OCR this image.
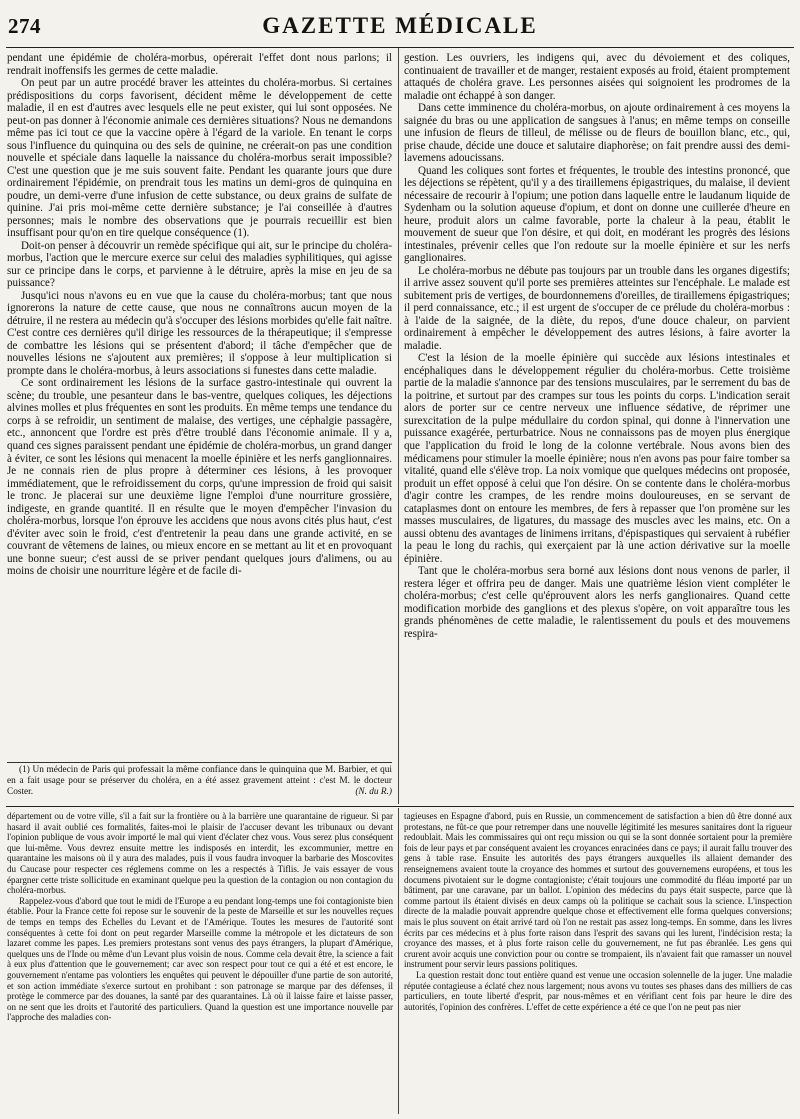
274	GAZETTE MÉDICALE

pendant une épidémie de choléra-morbus, opérerait l'effet dont nous parlons; il rendrait inoffensifs les germes de cette maladie.

On peut par un autre procédé braver les atteintes du choléra-morbus. Si certaines prédispositions du corps favorisent, décident même le développement de cette maladie, il en est d'autres avec lesquels elle ne peut exister, qui lui sont opposées. Ne peut-on pas donner à l'économie animale ces dernières situations? Nous ne demandons même pas ici tout ce que la vaccine opère à l'égard de la variole. En tenant le corps sous l'influence du quinquina ou des sels de quinine, ne créerait-on pas une condition nouvelle et spéciale dans laquelle la naissance du choléra-morbus serait impossible? C'est une question que je me suis souvent faite. Pendant les quarante jours que dure ordinairement l'épidémie, on prendrait tous les matins un demi-gros de quinquina en poudre, un demi-verre d'une infusion de cette substance, ou deux grains de sulfate de quinine. J'ai pris moi-même cette dernière substance; je l'ai conseillée à d'autres personnes; mais le nombre des observations que je pourrais recueillir est bien insuffisant pour qu'on en tire quelque conséquence (1).

Doit-on penser à découvrir un remède spécifique qui ait, sur le principe du choléra-morbus, l'action que le mercure exerce sur celui des maladies syphilitiques, qui agisse sur ce principe dans le corps, et parvienne à le détruire, après la mise en jeu de sa puissance?

Jusqu'ici nous n'avons eu en vue que la cause du choléra-morbus; tant que nous ignorerons la nature de cette cause, que nous ne connaîtrons aucun moyen de la détruire, il ne restera au médecin qu'à s'occuper des lésions morbides qu'elle fait naître. C'est contre ces dernières qu'il dirige les ressources de la thérapeutique; il s'empresse de combattre les lésions qui se présentent d'abord; il tâche d'empêcher que de nouvelles lésions ne s'ajoutent aux premières; il s'oppose à leur multiplication si prompte dans le choléra-morbus, à leurs associations si funestes dans cette maladie.

Ce sont ordinairement les lésions de la surface gastro-intestinale qui ouvrent la scène; du trouble, une pesanteur dans le bas-ventre, quelques coliques, les déjections alvines molles et plus fréquentes en sont les produits. En même temps une tendance du corps à se refroidir, un sentiment de malaise, des vertiges, une céphalgie passagère, etc., annoncent que l'ordre est près d'être troublé dans l'économie animale. Il y a, quand ces signes paraissent pendant une épidémie de choléra-morbus, un grand danger à éviter, ce sont les lésions qui menacent la moelle épinière et les nerfs ganglionnaires. Je ne connais rien de plus propre à déterminer ces lésions, à les provoquer immédiatement, que le refroidissement du corps, qu'une impression de froid qui saisit le tronc. Je placerai sur une deuxième ligne l'emploi d'une nourriture grossière, indigeste, en grande quantité. Il en résulte que le moyen d'empêcher l'invasion du choléra-morbus, lorsque l'on éprouve les accidens que nous avons cités plus haut, c'est d'éviter avec soin le froid, c'est d'entretenir la peau dans une grande activité, en se couvrant de vêtemens de laines, ou mieux encore en se mettant au lit et en provoquant une bonne sueur; c'est aussi de se priver pendant quelques jours d'alimens, ou au moins de choisir une nourriture légère et de facile di-

gestion. Les ouvriers, les indigens qui, avec du dévoiement et des coliques, continuaient de travailler et de manger, restaient exposés au froid, étaient promptement attaqués de choléra grave. Les personnes aisées qui soignoient les prodromes de la maladie ont échappé à son danger.

Dans cette imminence du choléra-morbus, on ajoute ordinairement à ces moyens la saignée du bras ou une application de sangsues à l'anus; en même temps on conseille une infusion de fleurs de tilleul, de mélisse ou de fleurs de bouillon blanc, etc., qui, prise chaude, décide une douce et salutaire diaphorèse; on fait prendre aussi des demi-lavemens adoucissans.

Quand les coliques sont fortes et fréquentes, le trouble des intestins prononcé, que les déjections se répètent, qu'il y a des tiraillemens épigastriques, du malaise, il devient nécessaire de recourir à l'opium; une potion dans laquelle entre le laudanum liquide de Sydenham ou la solution aqueuse d'opium, et dont on donne une cuillerée d'heure en heure, produit alors un calme favorable, porte la chaleur à la peau, établit le mouvement de sueur que l'on désire, et qui doit, en modérant les progrès des lésions intestinales, prévenir celles que l'on redoute sur la moelle épinière et sur les nerfs ganglionaires.

Le choléra-morbus ne débute pas toujours par un trouble dans les organes digestifs; il arrive assez souvent qu'il porte ses premières atteintes sur l'encéphale. Le malade est subitement pris de vertiges, de bourdonnemens d'oreilles, de tiraillemens épigastriques; il perd connaissance, etc.; il est urgent de s'occuper de ce prélude du choléra-morbus : à l'aide de la saignée, de la diète, du repos, d'une douce chaleur, on parvient ordinairement à empêcher le développement des autres lésions, à faire avorter la maladie.

C'est la lésion de la moelle épinière qui succède aux lésions intestinales et encéphaliques dans le développement régulier du choléra-morbus. Cette troisième partie de la maladie s'annonce par des tensions musculaires, par le serrement du bas de la poitrine, et surtout par des crampes sur tous les points du corps. L'indication serait alors de porter sur ce centre nerveux une influence sédative, de réprimer une surexcitation de la pulpe médullaire du cordon spinal, qui donne à l'innervation une puissance exagérée, perturbatrice. Nous ne connaissons pas de moyen plus énergique que l'application du froid le long de la colonne vertébrale. Nous avons bien des médicamens pour stimuler la moelle épinière; nous n'en avons pas pour faire tomber sa vitalité, quand elle s'élève trop. La noix vomique que quelques médecins ont proposée, produit un effet opposé à celui que l'on désire. On se contente dans le choléra-morbus d'agir contre les crampes, de les rendre moins douloureuses, en se servant de cataplasmes dont on entoure les membres, de fers à repasser que l'on promène sur les masses musculaires, de ligatures, du massage des muscles avec les mains, etc. On a aussi obtenu des avantages de linimens irritans, d'épispastiques qui servaient à rubéfier la peau le long du rachis, qui exerçaient par là une action dérivative sur la moelle épinière.

Tant que le choléra-morbus sera borné aux lésions dont nous venons de parler, il restera léger et offrira peu de danger. Mais une quatrième lésion vient compléter le choléra-morbus; c'est celle qu'éprouvent alors les nerfs ganglionaires. Quand cette modification morbide des ganglions et des plexus s'opère, on voit apparaître tous les grands phénomènes de cette maladie, le ralentissement du pouls et des mouvemens respira-

(1) Un médecin de Paris qui professait la même confiance dans le quinquina que M. Barbier, et qui en a fait usage pour se préserver du choléra, en a été assez gravement atteint : c'est M. le docteur Coster.	(N. du R.)

département ou de votre ville, s'il a fait sur la frontière ou à la barrière une quarantaine de rigueur. Si par hasard il avait oublié ces formalités, faites-moi le plaisir de l'accuser devant les tribunaux ou devant l'opinion publique de vous avoir importé le mal qui vient d'éclater chez vous. Vous serez plus conséquent que lui-même. Vous devrez ensuite mettre les indisposés en interdit, les excommunier, mettre en quarantaine les maisons où il y aura des malades, puis il vous faudra invoquer la barbarie des Moscovites du Caucase pour respecter ces réglemens comme on les a respectés à Tiflis. Je vais essayer de vous épargner cette triste sollicitude en examinant quelque peu la question de la contagion ou non contagion du choléra-morbus.

Rappelez-vous d'abord que tout le midi de l'Europe a eu pendant long-temps une foi contagioniste bien établie. Pour la France cette foi repose sur le souvenir de la peste de Marseille et sur les nouvelles reçues de temps en temps des Echelles du Levant et de l'Amérique. Toutes les mesures de l'autorité sont conséquentes à cette foi dont on peut regarder Marseille comme la métropole et les dictateurs de son lazaret comme les papes. Les premiers protestans sont venus des pays étrangers, la plupart d'Amérique, quelques uns de l'Inde ou même d'un Levant plus voisin de nous. Comme cela devait être, la science a fait à eux plus d'attention que le gouvernement; car avec son respect pour tout ce qui a été et est encore, le gouvernement n'entame pas volontiers les enquêtes qui peuvent le dépouiller d'une partie de son autorité, et son action immédiate s'exerce surtout en prohibant : son patronage se marque par des défenses, il protège le commerce par des douanes, la santé par des quarantaines. Là où il laisse faire et laisse passer, on ne sent que les droits et l'autorité des particuliers. Quand la question est une importance nouvelle par l'approche des maladies con-

tagieuses en Espagne d'abord, puis en Russie, un commencement de satisfaction a bien dû être donné aux protestans, ne fût-ce que pour retremper dans une nouvelle légitimité les mesures sanitaires dont la rigueur redoublait. Mais les commissaires qui ont reçu mission ou qui se la sont donnée sortaient pour la première fois de leur pays et par conséquent avaient les croyances enracinées dans ce pays; il aurait fallu trouver des gens à table rase. Ensuite les autorités des pays étrangers auxquelles ils allaient demander des renseignemens avaient toute la croyance des hommes et surtout des gouvernemens européens, et tous les documens pivotaient sur le dogme contagioniste; c'était toujours une commodité du fléau importé par un bâtiment, par une caravane, par un ballot. L'opinion des médecins du pays était suspecte, parce que là comme partout ils étaient divisés en deux camps où la politique se cachait sous la science. L'inspection directe de la maladie pouvait apprendre quelque chose et effectivement elle forma quelques conversions; mais le plus souvent on était arrivé tard où l'on ne restait pas assez long-temps. En somme, dans les livres écrits par ces médecins et à plus forte raison dans l'esprit des savans qui les lurent, l'indécision resta; la croyance des masses, et à plus forte raison celle du gouvernement, ne fut pas ébranlée. Les gens qui crurent avoir acquis une conviction pour ou contre se trompaient, ils n'avaient fait que ramasser un nouvel instrument pour servir leurs passions politiques.

La question restait donc tout entière quand est venue une occasion solennelle de la juger. Une maladie réputée contagieuse a éclaté chez nous largement; nous avons vu toutes ses phases dans des milliers de cas particuliers, en toute liberté d'esprit, par nous-mêmes et en vérifiant cent fois par heure le dire des autorités, l'opinion des confrères. L'effet de cette expérience a été ce que l'on ne peut pas nier
